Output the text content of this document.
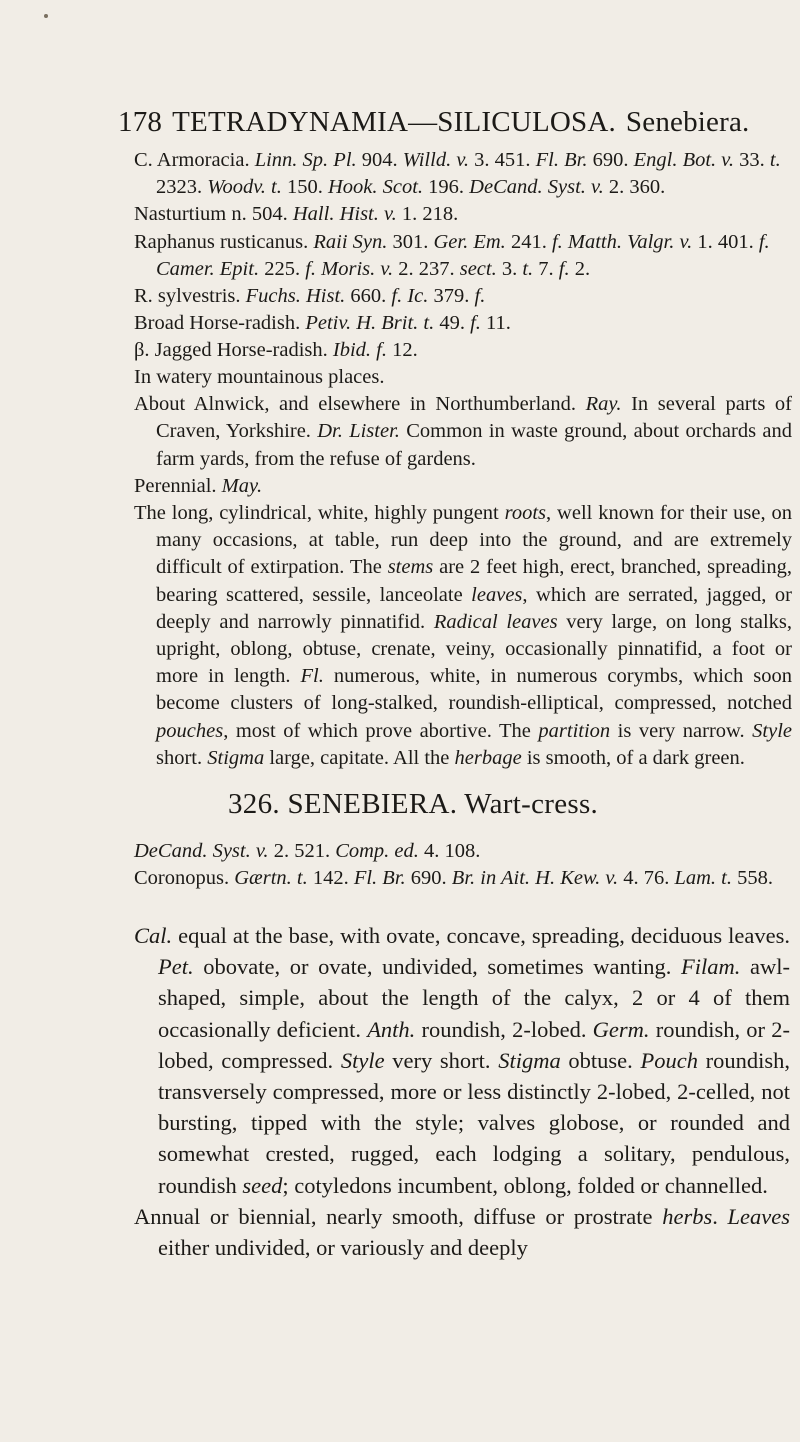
178 TETRADYNAMIA—SILICULOSA. Senebiera.

C. Armoracia. Linn. Sp. Pl. 904. Willd. v. 3. 451. Fl. Br. 690. Engl. Bot. v. 33. t. 2323. Woodv. t. 150. Hook. Scot. 196. DeCand. Syst. v. 2. 360.

Nasturtium n. 504. Hall. Hist. v. 1. 218.

Raphanus rusticanus. Raii Syn. 301. Ger. Em. 241. f. Matth. Valgr. v. 1. 401. f. Camer. Epit. 225. f. Moris. v. 2. 237. sect. 3. t. 7. f. 2.

R. sylvestris. Fuchs. Hist. 660. f. Ic. 379. f.

Broad Horse-radish. Petiv. H. Brit. t. 49. f. 11.

β. Jagged Horse-radish. Ibid. f. 12.

In watery mountainous places.

About Alnwick, and elsewhere in Northumberland. Ray. In several parts of Craven, Yorkshire. Dr. Lister. Common in waste ground, about orchards and farm yards, from the refuse of gardens.

Perennial. May.

The long, cylindrical, white, highly pungent roots, well known for their use, on many occasions, at table, run deep into the ground, and are extremely difficult of extirpation. The stems are 2 feet high, erect, branched, spreading, bearing scattered, sessile, lanceolate leaves, which are serrated, jagged, or deeply and narrowly pinnatifid. Radical leaves very large, on long stalks, upright, oblong, obtuse, crenate, veiny, occasionally pinnatifid, a foot or more in length. Fl. numerous, white, in numerous corymbs, which soon become clusters of long-stalked, roundish-elliptical, compressed, notched pouches, most of which prove abortive. The partition is very narrow. Style short. Stigma large, capitate. All the herbage is smooth, of a dark green.

326. SENEBIERA. Wart-cress.

DeCand. Syst. v. 2. 521. Comp. ed. 4. 108.

Coronopus. Gærtn. t. 142. Fl. Br. 690. Br. in Ait. H. Kew. v. 4. 76. Lam. t. 558.

Cal. equal at the base, with ovate, concave, spreading, deciduous leaves. Pet. obovate, or ovate, undivided, sometimes wanting. Filam. awl-shaped, simple, about the length of the calyx, 2 or 4 of them occasionally deficient. Anth. roundish, 2-lobed. Germ. roundish, or 2-lobed, compressed. Style very short. Stigma obtuse. Pouch roundish, transversely compressed, more or less distinctly 2-lobed, 2-celled, not bursting, tipped with the style; valves globose, or rounded and somewhat crested, rugged, each lodging a solitary, pendulous, roundish seed; cotyledons incumbent, oblong, folded or channelled.

Annual or biennial, nearly smooth, diffuse or prostrate herbs. Leaves either undivided, or variously and deeply
